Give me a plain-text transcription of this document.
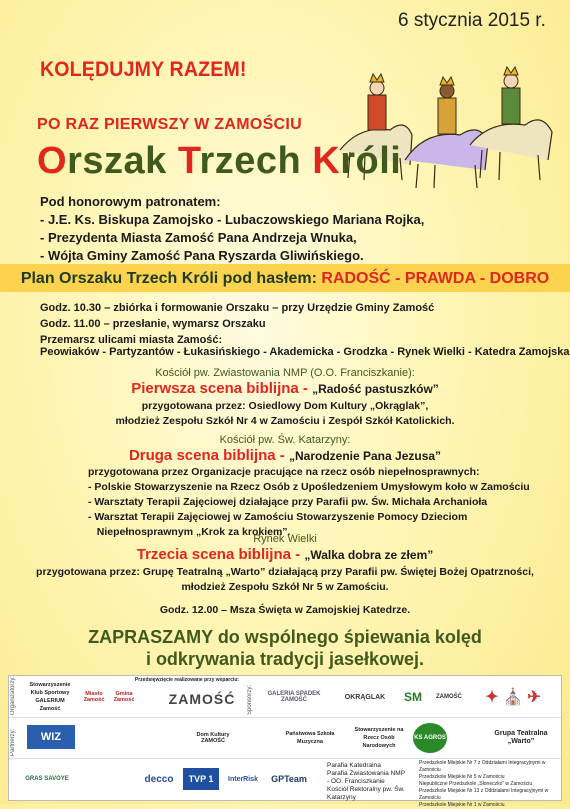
6 stycznia 2015 r.
KOLĘDUJMY RAZEM!
PO RAZ PIERWSZY W ZAMOŚCIU
Orszak Trzech Króli
Pod honorowym patronatem:
- J.E. Ks. Biskupa Zamojsko - Lubaczowskiego Mariana Rojka,
- Prezydenta Miasta Zamość Pana Andrzeja Wnuka,
- Wójta Gminy Zamość Pana Ryszarda Gliwińskiego.
Plan Orszaku Trzech Króli pod hasłem: RADOŚĆ - PRAWDA - DOBRO
Godz. 10.30 – zbiórka i formowanie Orszaku – przy Urzędzie Gminy Zamość
Godz. 11.00 – przesłanie, wymarsz Orszaku
Przemarsz ulicami miasta Zamość:
Peowiaków - Partyzantów - Łukasińskiego - Akademicka - Grodzka - Rynek Wielki - Katedra Zamojska
Kościół pw. Zwiastowania NMP (O.O. Franciszkanie):
Pierwsza scena biblijna - „Radość pastuszków”
przygotowana przez: Osiedlowy Dom Kultury „Okrąglak”,
młodzież Zespołu Szkół Nr 4 w Zamościu i Zespół Szkół Katolickich.
Kościół pw. Św. Katarzyny:
Druga scena biblijna - „Narodzenie Pana Jezusa”
przygotowana przez Organizacje pracujące na rzecz osób niepełnosprawnych:
- Polskie Stowarzyszenie na Rzecz Osób z Upośledzeniem Umysłowym koło w Zamościu
- Warsztaty Terapii Zajęciowej działające przy Parafii pw. Św. Michała Archanioła
- Warsztat Terapii Zajęciowej w Zamościu Stowarzyszenie Pomocy Dzieciom
Niepełnosprawnym „Krok za krokiem”.
Rynek Wielki
Trzecia scena biblijna - „Walka dobra ze złem”
przygotowana przez: Grupę Teatralną „Warto” działającą przy Parafii pw. Świętej Bożej Opatrzności,
młodzież Zespołu Szkół Nr 5 w Zamościu.
Godz. 12.00 – Msza Święta w Zamojskiej Katedrze.
ZAPRASZAMY do wspólnego śpiewania kolęd
i odkrywania tradycji jasełkowej.
Organizatorzy:	Stowarzyszenie Klub Sportowy GALERIUM Zamość
Miasto Zamość
Gmina Zamość
Przedsięwzięcie realizowane przy wsparciu:
ZAMOŚĆ	Sponsorzy:	GALERIA SPADEK ZAMOŚĆ	OKRĄGLAK	SM	ZAMOŚĆ	✦ ⛪ ✈
Partnerzy:	WIZ	Dom Kultury ZAMOŚĆ
Państwowa Szkoła Muzyczna
Stowarzyszenie na Rzecz Osób Narodowych
KS AGROS
Grupa Teatralna „Warto”
GRAS SAVOYE	decco	TVP 1	InterRisk	GPTeam
Parafia Katedralna
Parafia Zwiastowania NMP - OO. Franciszkanie
Kościół Rektoralny pw. Św. Katarzyny
Przedszkole Miejskie Nr 7 z Oddziałami Integracyjnymi w Zamościu
Przedszkole Miejskie Nr 5 w Zamościu
Niepubliczne Przedszkole „Słoneczko” w Zamościu
Przedszkole Miejskie Nr 13 z Oddziałami Integracyjnymi w Zamościu
Przedszkole Miejskie Nr 1 w Zamościu
